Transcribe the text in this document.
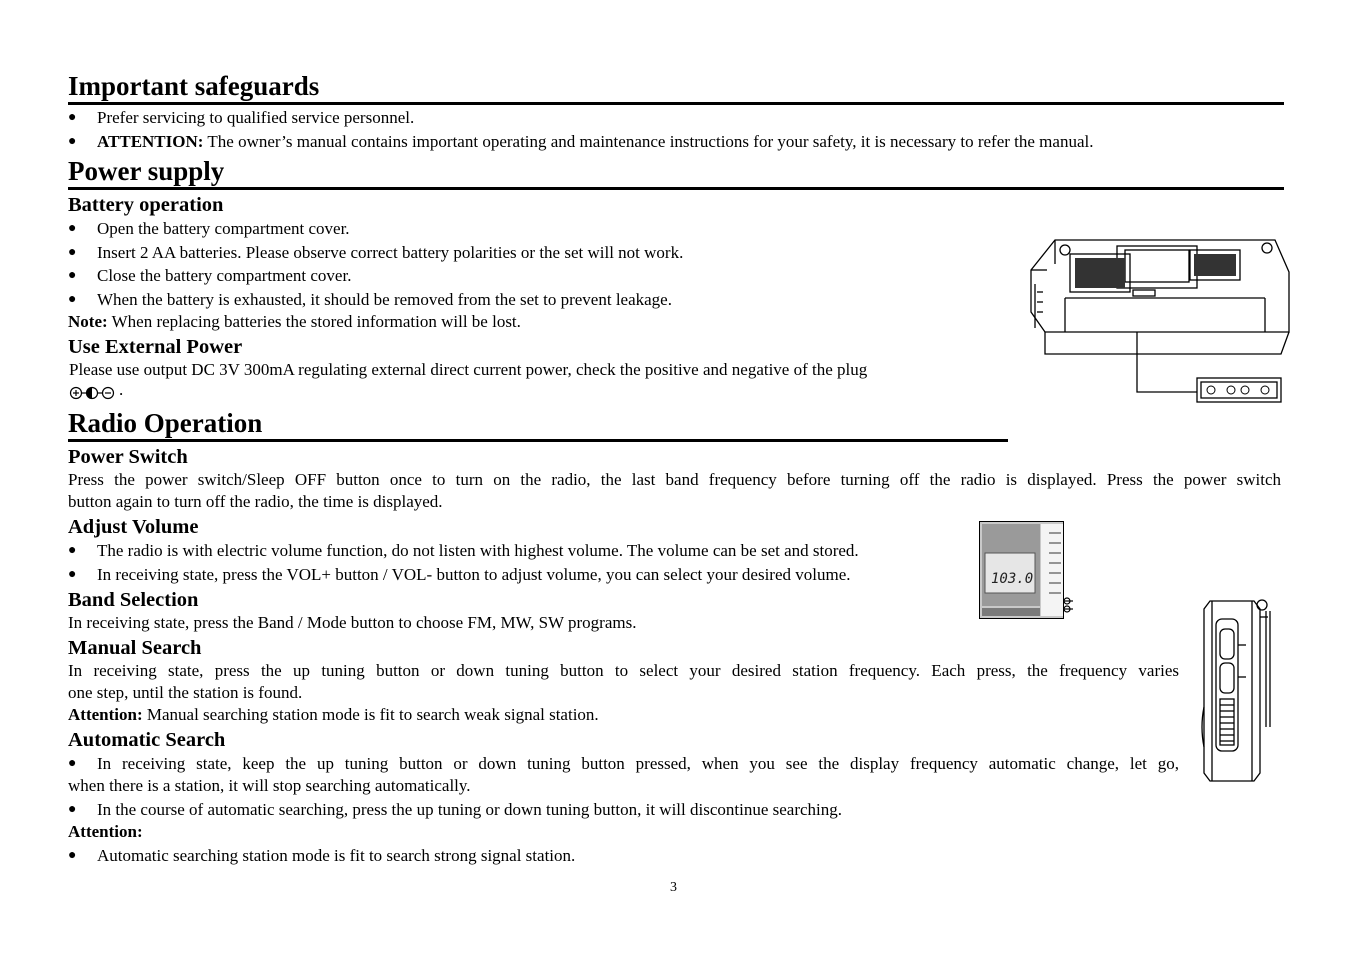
Important safeguards
● Prefer servicing to qualified service personnel.
● ATTENTION: The owner’s manual contains important operating and maintenance instructions for your safety, it is necessary to refer the manual.
Power supply
Battery operation
● Open the battery compartment cover.
● Insert 2 AA batteries. Please observe correct battery polarities or the set will not work.
● Close the battery compartment cover.
● When the battery is exhausted, it should be removed from the set to prevent leakage.
Note: When replacing batteries the stored information will be lost.
Use External Power
Please use output DC 3V 300mA regulating external direct current power, check the positive and negative of the plug
.
Radio Operation
Power Switch
Press the power switch/Sleep OFF button once to turn on the radio, the last band frequency before turning off the radio is displayed. Press the power switch
button again to turn off the radio, the time is displayed.
Adjust Volume
● The radio is with electric volume function, do not listen with highest volume. The volume can be set and stored.
● In receiving state, press the VOL+ button / VOL- button to adjust volume, you can select your desired volume.	103.0
Band Selection
In receiving state, press the Band / Mode button to choose FM, MW, SW programs.
Manual Search
In receiving state, press the up tuning button or down tuning button to select your desired station frequency. Each press, the frequency varies
one step, until the station is found.
Attention: Manual searching station mode is fit to search weak signal station.
Automatic Search
● In receiving state, keep the up tuning button or down tuning button pressed, when you see the display frequency automatic change, let go,
when there is a station, it will stop searching automatically.
● In the course of automatic searching, press the up tuning or down tuning button, it will discontinue searching.
Attention:
● Automatic searching station mode is fit to search strong signal station.
3
